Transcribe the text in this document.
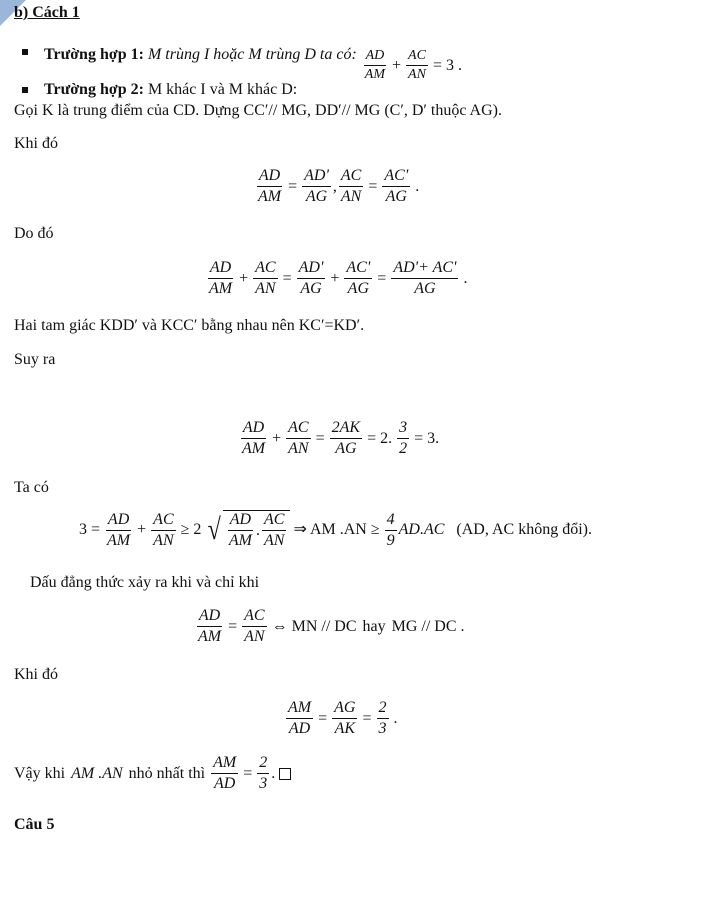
b) Cách 1
Trường hợp 1: M trùng I hoặc M trùng D ta có: $\frac{AD}{AM} + \frac{AC}{AN} = 3$ .
Trường hợp 2: M khác I và M khác D:
Gọi K là trung điểm của CD. Dựng CC′// MG, DD′// MG (C′, D′ thuộc AG).
Khi đó
$\frac{AD}{AM} = \frac{AD'}{AG}$ , $\frac{AC}{AN} = \frac{AC'}{AG}$ .
Do đó
$\frac{AD}{AM} + \frac{AC}{AN} = \frac{AD'}{AG} + \frac{AC'}{AG} = \frac{AD'+ AC'}{AG}$ .
Hai tam giác KDD′ và KCC′ bằng nhau nên KC′=KD′.
Suy ra
$\frac{AD}{AM} + \frac{AC}{AN} = \frac{2AK}{AG} = 2$. $\frac{3}{2} = 3$.
Ta có
$3 = \frac{AD}{AM} + \frac{AC}{AN} \ge 2$ √ $\frac{AD}{AM}$ . $\frac{AC}{AN}$ ⇒ AM $.AN \ge \frac{4}{9} AD.AC$ (AD, AC không đổi).
Dấu đẳng thức xảy ra khi và chỉ khi
$\frac{AD}{AM} = \frac{AC}{AN}$ ⇔ MN // DC hay MG // DC .
Khi đó
$\frac{AM}{AD} = \frac{AG}{AK} = \frac{2}{3}$ .
Vậy khi AM .AN nhỏ nhất thì $\frac{AM}{AD} = \frac{2}{3}$ .
Câu 5
